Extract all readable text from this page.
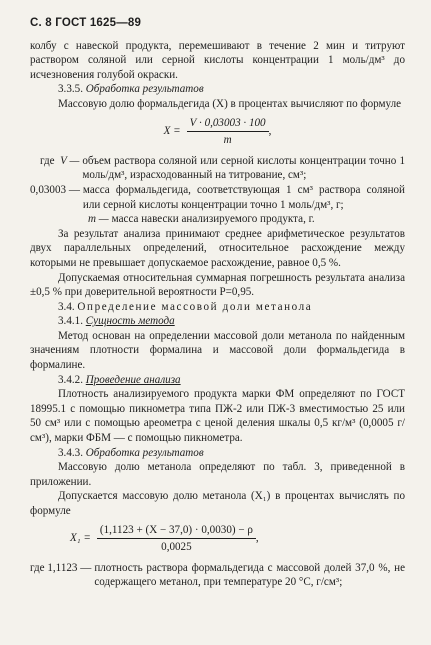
С. 8 ГОСТ 1625—89

колбу с навеской продукта, перемешивают в течение 2 мин и титруют раствором соляной или серной кислоты концентрации 1 моль/дм³ до исчезновения голубой окраски.

3.3.5. Обработка результатов

Массовую долю формальдегида (X) в процентах вычисляют по формуле

$X = \frac{V \cdot 0,03003 \cdot 100}{m}$ ,
где V — объем раствора соляной или серной кислоты концентрации точно 1 моль/дм³, израсходованный на титрование, см³;
0,03003 — масса формальдегида, соответствующая 1 см³ раствора соляной или серной кислоты концентрации точно 1 моль/дм³, г;
m — масса навески анализируемого продукта, г.

За результат анализа принимают среднее арифметическое результатов двух параллельных определений, относительное расхождение между которыми не превышает допускаемое расхождение, равное 0,5 %.

Допускаемая относительная суммарная погрешность результата анализа ±0,5 % при доверительной вероятности P=0,95.

3.4. Определение массовой доли метанола

3.4.1. Сущность метода

Метод основан на определении массовой доли метанола по найденным значениям плотности формалина и массовой доли формальдегида в формалине.

3.4.2. Проведение анализа

Плотность анализируемого продукта марки ФМ определяют по ГОСТ 18995.1 с помощью пикнометра типа ПЖ-2 или ПЖ-3 вместимостью 25 или 50 см³ или с помощью ареометра с ценой деления шкалы 0,5 кг/м³ (0,0005 г/см³), марки ФБМ — с помощью пикнометра.

3.4.3. Обработка результатов

Массовую долю метанола определяют по табл. 3, приведенной в приложении.

Допускается массовую долю метанола (X₁) в процентах вычислять по формуле

$X_1 = \frac{(1,1123 + (X - 37,0) \cdot 0,0030) - \rho}{0,0025}$ ,
где 1,1123 — плотность раствора формальдегида с массовой долей 37,0 %, не содержащего метанол, при температуре 20 °С, г/см³;
